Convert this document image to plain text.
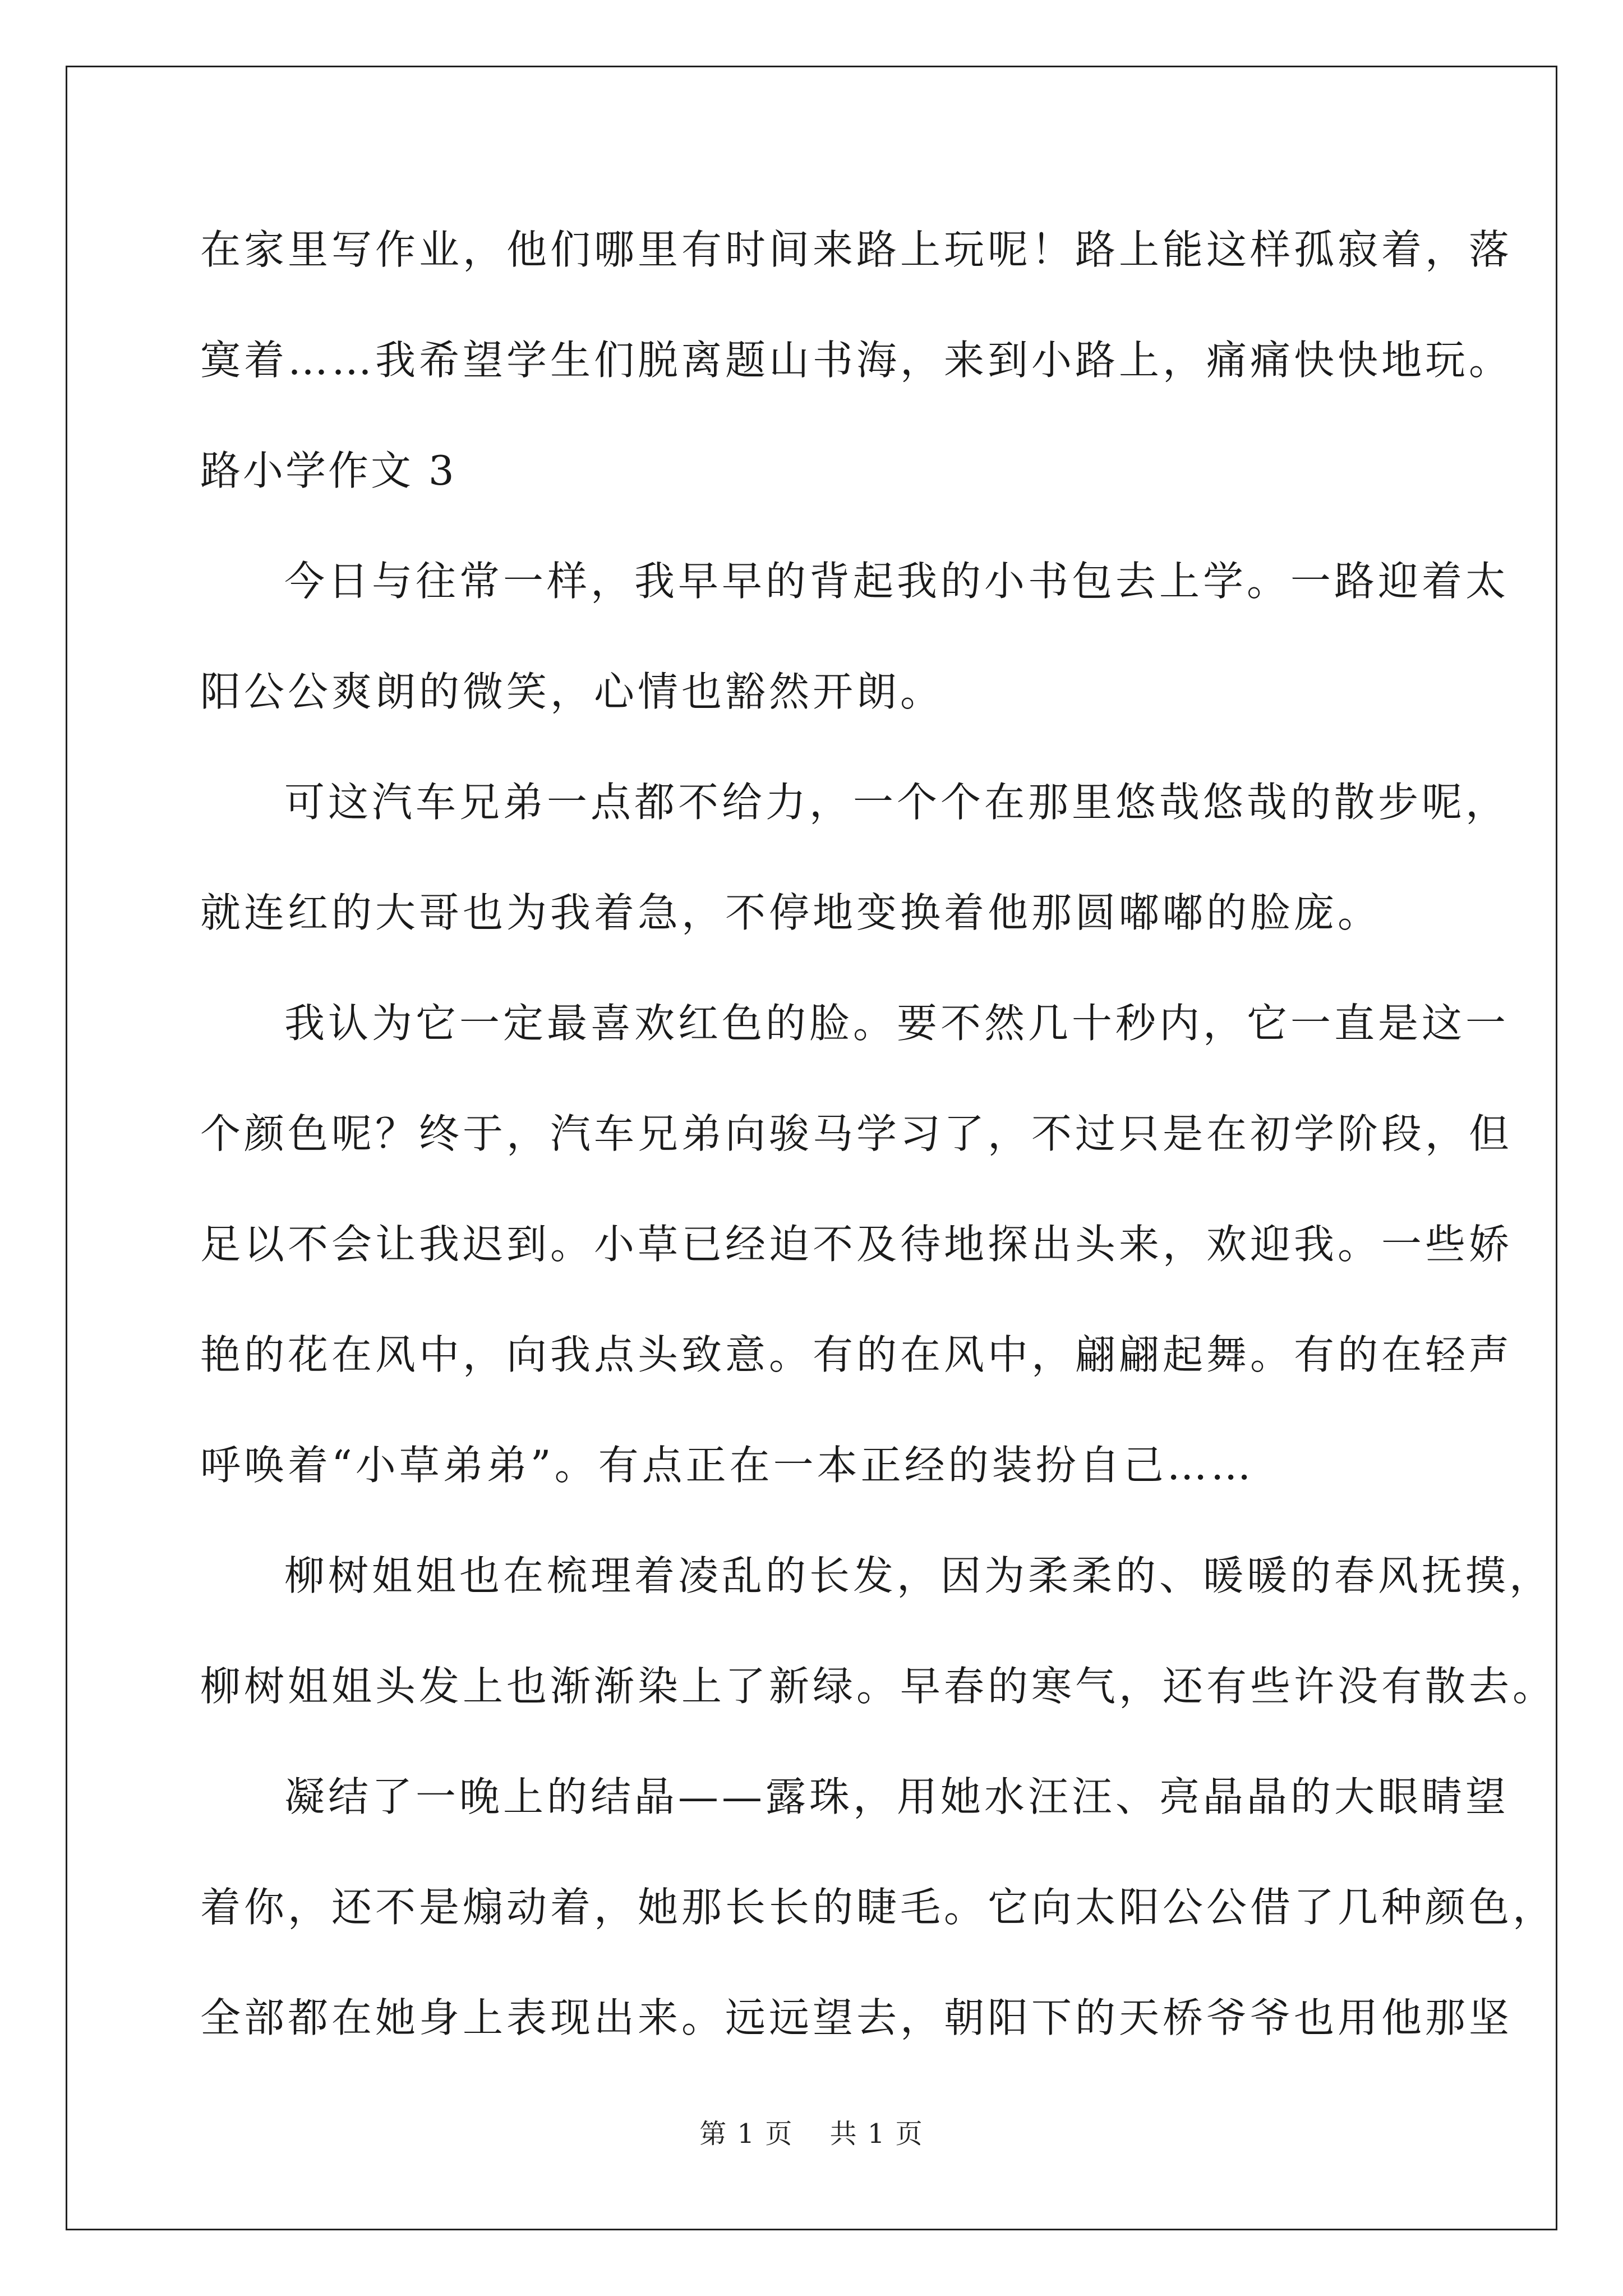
在家里写作业，他们哪里有时间来路上玩呢！路上能这样孤寂着，落
寞着……我希望学生们脱离题山书海，来到小路上，痛痛快快地玩。
路小学作文 3
今日与往常一样，我早早的背起我的小书包去上学。一路迎着太
阳公公爽朗的微笑，心情也豁然开朗。
可这汽车兄弟一点都不给力，一个个在那里悠哉悠哉的散步呢，
就连红的大哥也为我着急，不停地变换着他那圆嘟嘟的脸庞。
我认为它一定最喜欢红色的脸。要不然几十秒内，它一直是这一
个颜色呢？终于，汽车兄弟向骏马学习了，不过只是在初学阶段，但
足以不会让我迟到。小草已经迫不及待地探出头来，欢迎我。一些娇
艳的花在风中，向我点头致意。有的在风中，翩翩起舞。有的在轻声
呼唤着“小草弟弟”。有点正在一本正经的装扮自己……
柳树姐姐也在梳理着凌乱的长发，因为柔柔的、暖暖的春风抚摸，
柳树姐姐头发上也渐渐染上了新绿。早春的寒气，还有些许没有散去。
凝结了一晚上的结晶——露珠，用她水汪汪、亮晶晶的大眼睛望
着你，还不是煽动着，她那长长的睫毛。它向太阳公公借了几种颜色，
全部都在她身上表现出来。远远望去，朝阳下的天桥爷爷也用他那坚
第 1 页 共 1 页
